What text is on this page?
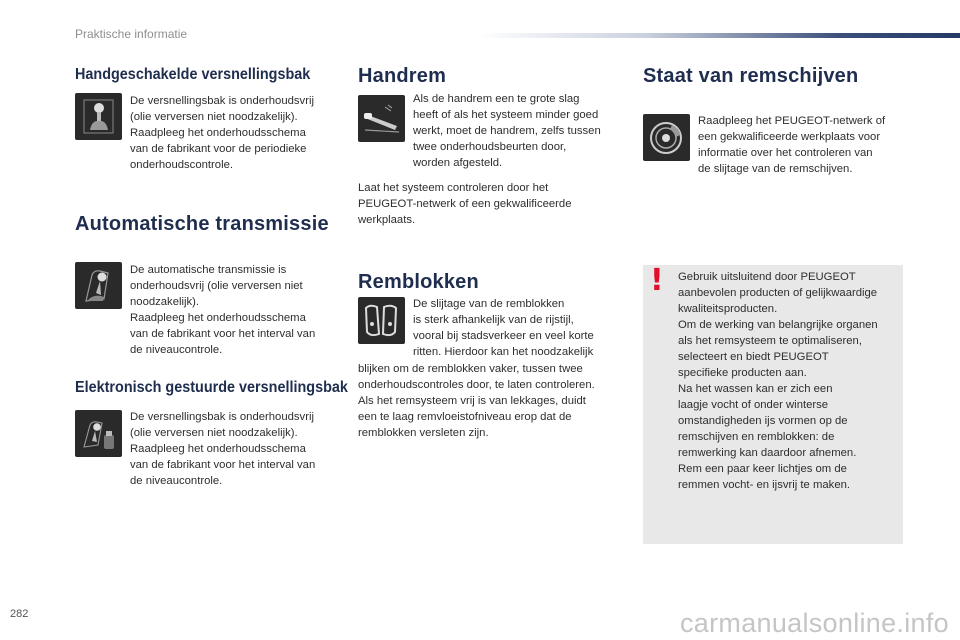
Praktische informatie
Handgeschakelde versnellingsbak

De versnellingsbak is onderhoudsvrij
(olie verversen niet noodzakelijk).
Raadpleeg het onderhoudsschema
van de fabrikant voor de periodieke
onderhoudscontrole.

Automatische transmissie

De automatische transmissie is
onderhoudsvrij (olie verversen niet
noodzakelijk).
Raadpleeg het onderhoudsschema
van de fabrikant voor het interval van
de niveaucontrole.

Elektronisch gestuurde versnellingsbak

De versnellingsbak is onderhoudsvrij
(olie verversen niet noodzakelijk).
Raadpleeg het onderhoudsschema
van de fabrikant voor het interval van
de niveaucontrole.

Handrem

Als de handrem een te grote slag
heeft of als het systeem minder goed
werkt, moet de handrem, zelfs tussen
twee onderhoudsbeurten door,
worden afgesteld.

Laat het systeem controleren door het
PEUGEOT-netwerk of een gekwalificeerde
werkplaats.

Remblokken

De slijtage van de remblokken
is sterk afhankelijk van de rijstijl,
vooral bij stadsverkeer en veel korte
ritten. Hierdoor kan het noodzakelijk

blijken om de remblokken vaker, tussen twee
onderhoudscontroles door, te laten controleren.
Als het remsysteem vrij is van lekkages, duidt
een te laag remvloeistofniveau erop dat de
remblokken versleten zijn.

Staat van remschijven

Raadpleeg het PEUGEOT-netwerk of
een gekwalificeerde werkplaats voor
informatie over het controleren van
de slijtage van de remschijven.

! Gebruik uitsluitend door PEUGEOT
aanbevolen producten of gelijkwaardige
kwaliteitsproducten.
Om de werking van belangrijke organen
als het remsysteem te optimaliseren,
selecteert en biedt PEUGEOT
specifieke producten aan.
Na het wassen kan er zich een
laagje vocht of onder winterse
omstandigheden ijs vormen op de
remschijven en remblokken: de
remwerking kan daardoor afnemen.
Rem een paar keer lichtjes om de
remmen vocht- en ijsvrij te maken.

282	carmanualsonline.info
